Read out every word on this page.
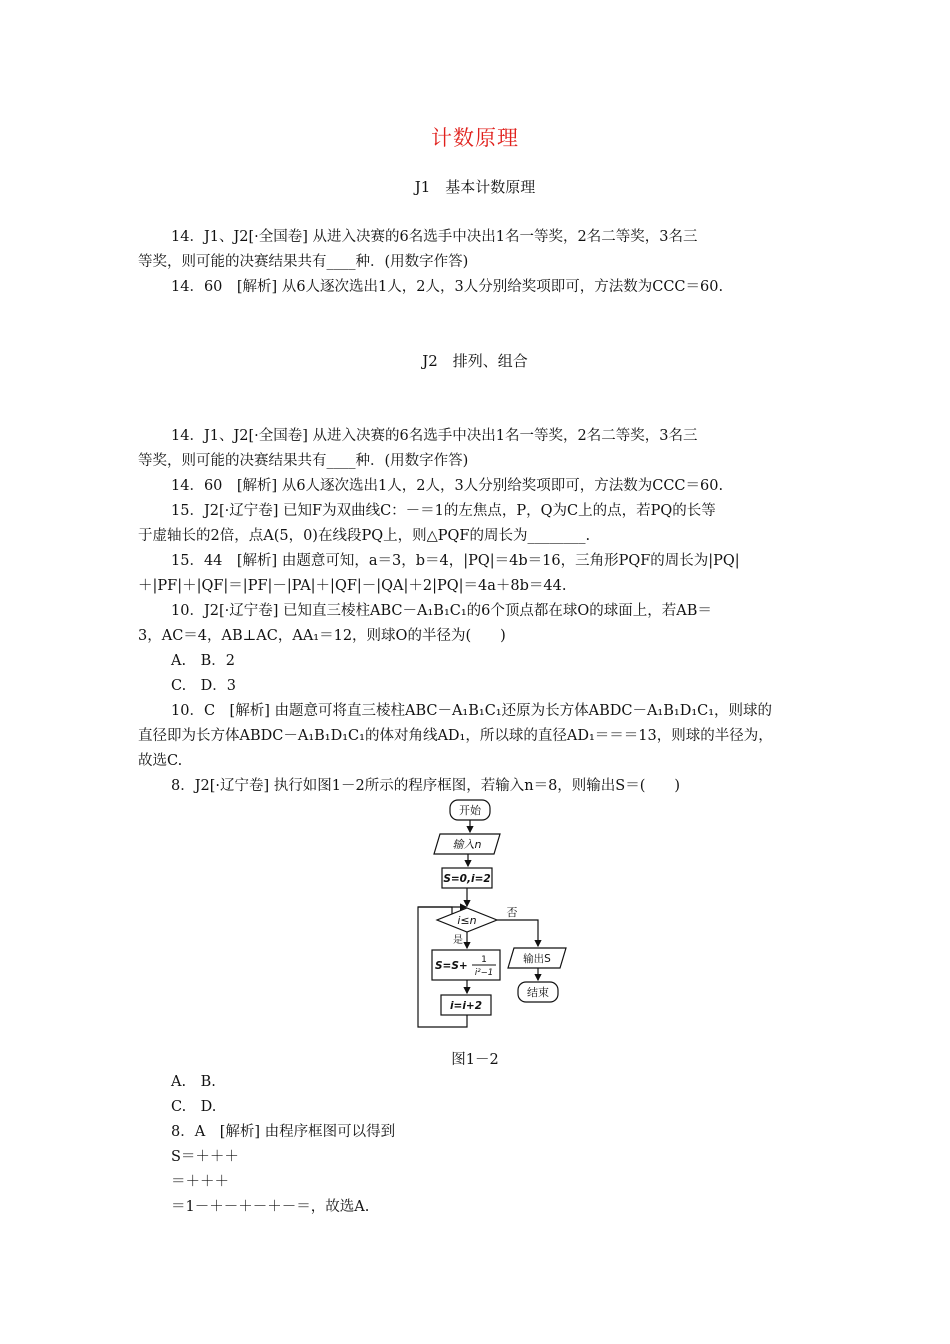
计数原理
J1　基本计数原理
14．J1、J2[·全国卷] 从进入决赛的6名选手中决出1名一等奖，2名二等奖，3名三
等奖，则可能的决赛结果共有____种．(用数字作答)
14．60　[解析] 从6人逐次选出1人，2人，3人分别给奖项即可，方法数为CCC＝60.
J2　排列、组合
14．J1、J2[·全国卷] 从进入决赛的6名选手中决出1名一等奖，2名二等奖，3名三
等奖，则可能的决赛结果共有____种．(用数字作答)
14．60　[解析] 从6人逐次选出1人，2人，3人分别给奖项即可，方法数为CCC＝60.
15．J2[·辽宁卷] 已知F为双曲线C：－＝1的左焦点，P，Q为C上的点，若PQ的长等
于虚轴长的2倍，点A(5，0)在线段PQ上，则△PQF的周长为________.
15．44　[解析] 由题意可知，a＝3，b＝4，|PQ|＝4b＝16，三角形PQF的周长为|PQ|
＋|PF|＋|QF|＝|PF|－|PA|＋|QF|－|QA|＋2|PQ|＝4a＋8b＝44.
10．J2[·辽宁卷] 已知直三棱柱ABC－A₁B₁C₁的6个顶点都在球O的球面上，若AB＝
3，AC＝4，AB⊥AC，AA₁＝12，则球O的半径为(　　)
A.　B．2
C.　D．3
10．C　[解析] 由题意可将直三棱柱ABC－A₁B₁C₁还原为长方体ABDC－A₁B₁D₁C₁，则球的
直径即为长方体ABDC－A₁B₁D₁C₁的体对角线AD₁，所以球的直径AD₁＝＝＝13，则球的半径为，
故选C.
8．J2[·辽宁卷] 执行如图1－2所示的程序框图，若输入n＝8，则输出S＝(　　)
开始
输入n
S=0,i=2
i≤n
否
是
S=S+ 1
i²−1
i=i+2
输出S
结束
图1－2
A.　B.
C.　D.
8．A　[解析] 由程序框图可以得到
S＝＋＋＋
＝＋＋＋
＝1－＋－＋－＋－＝，故选A.
